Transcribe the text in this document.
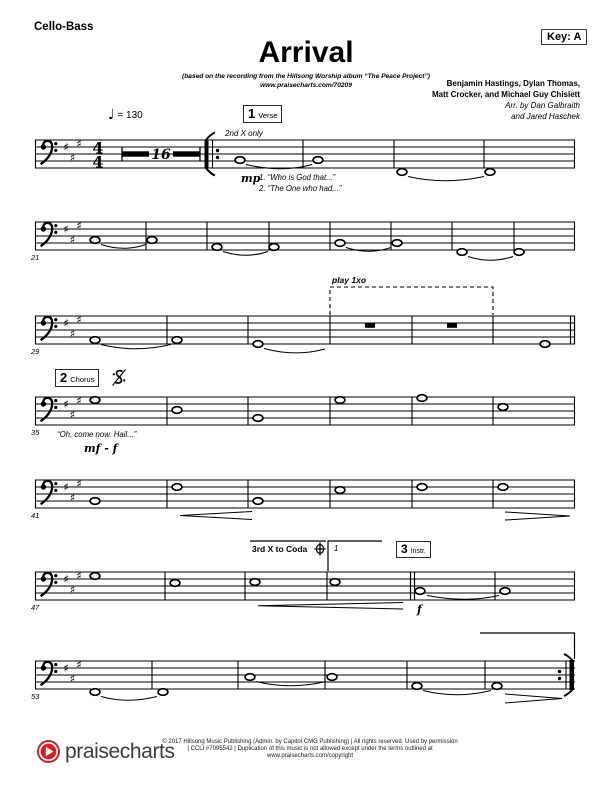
Cello-Bass
Key: A
Arrival
(based on the recording from the Hillsong Worship album “The Peace Project”)
www.praisecharts.com/70209	Benjamin Hastings, Dylan Thomas,
Matt Crocker, and Michael Guy Chislett
Arr. by Dan Galbraith
and Jared Haschek
♩ = 130	1 Verse
2 Chorus
3 Instr.
♯
♯
♯ 4
4	16
2nd X only
mp
1. “Who is God that...”
2. “The One who had...”
♯
♯
♯
21
♯
♯
♯
29
play 1xo
♯
♯
♯
35 “Oh, come now. Hail...”
mf - f
♯
♯
♯
41
♯
♯
♯
47
3rd X to Coda	1
f
♯
♯
♯
53
praisecharts
© 2017 Hillsong Music Publishing (Admin. by Capitol CMG Publishing) | All rights reserved. Used by permission
| CCLI #7095542 | Duplication of this music is not allowed except under the terms outlined at
www.praisecharts.com/copyright
